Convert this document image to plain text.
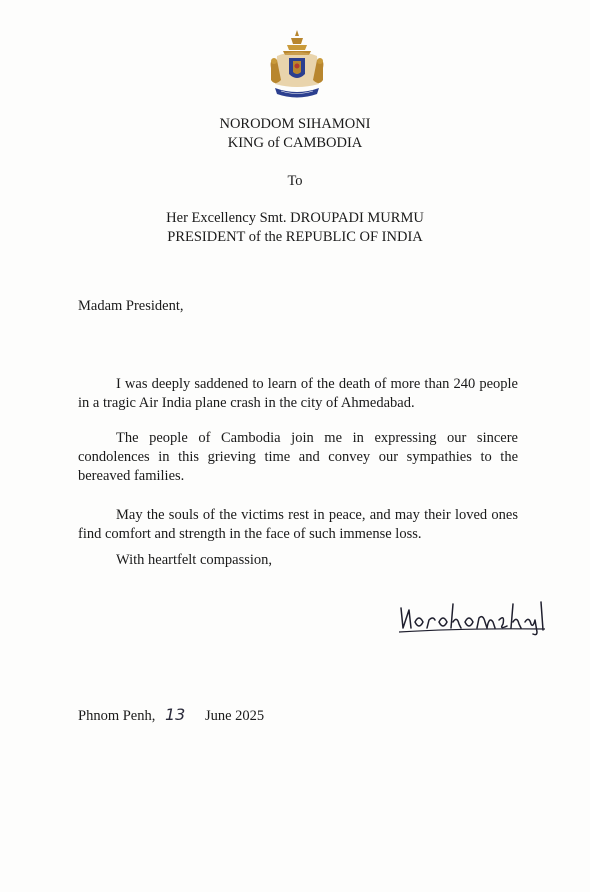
NORODOM SIHAMONI
KING of CAMBODIA
To
Her Excellency Smt. DROUPADI MURMU
PRESIDENT of the REPUBLIC OF INDIA
Madam President,

I was deeply saddened to learn of the death of more than 240 people in a tragic Air India plane crash in the city of Ahmedabad.

The people of Cambodia join me in expressing our sincere condolences in this grieving time and convey our sympathies to the bereaved families.

May the souls of the victims rest in peace, and may their loved ones find comfort and strength in the face of such immense loss.

With heartfelt compassion,
Phnom Penh, 13 June 2025
